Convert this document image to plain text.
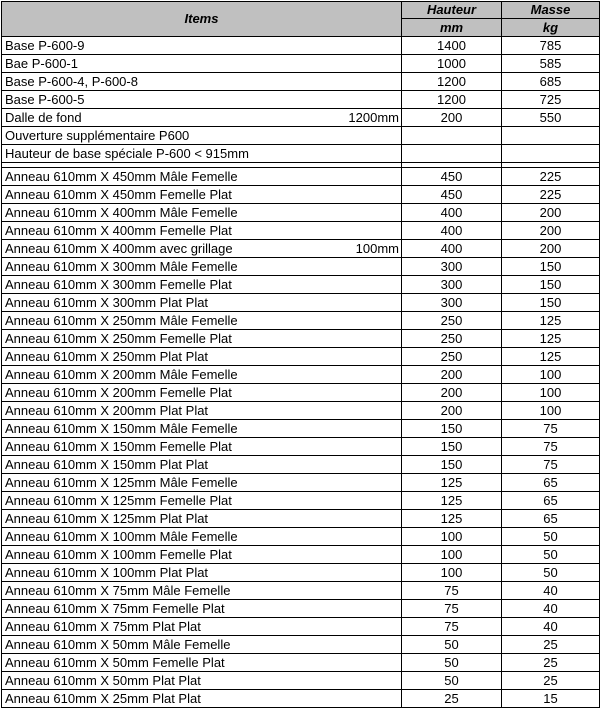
Items		Hauteur	Masse
		mm	kg
Base P-600-9		1400	785
Bae P-600-1		1000	585
Base P-600-4, P-600-8		1200	685
Base P-600-5		1200	725
Dalle de fond	1200mm	200	550
Ouverture supplémentaire P600			
Hauteur de base spéciale P-600 < 915mm			

Anneau 610mm X 450mm Mâle Femelle		450	225
Anneau 610mm X 450mm Femelle Plat		450	225
Anneau 610mm X 400mm Mâle Femelle		400	200
Anneau 610mm X 400mm Femelle Plat		400	200
Anneau 610mm X 400mm avec grillage	100mm	400	200
Anneau 610mm X 300mm Mâle Femelle		300	150
Anneau 610mm X 300mm Femelle Plat		300	150
Anneau 610mm X 300mm Plat Plat		300	150
Anneau 610mm X 250mm Mâle Femelle		250	125
Anneau 610mm X 250mm Femelle Plat		250	125
Anneau 610mm X 250mm Plat Plat		250	125
Anneau 610mm X 200mm Mâle Femelle		200	100
Anneau 610mm X 200mm Femelle Plat		200	100
Anneau 610mm X 200mm Plat Plat		200	100
Anneau 610mm X 150mm Mâle Femelle		150	75
Anneau 610mm X 150mm Femelle Plat		150	75
Anneau 610mm X 150mm Plat Plat		150	75
Anneau 610mm X 125mm Mâle Femelle		125	65
Anneau 610mm X 125mm Femelle Plat		125	65
Anneau 610mm X 125mm Plat Plat		125	65
Anneau 610mm X 100mm Mâle Femelle		100	50
Anneau 610mm X 100mm Femelle Plat		100	50
Anneau 610mm X 100mm Plat Plat		100	50
Anneau 610mm X 75mm Mâle Femelle		75	40
Anneau 610mm X 75mm Femelle Plat		75	40
Anneau 610mm X 75mm Plat Plat		75	40
Anneau 610mm X 50mm Mâle Femelle		50	25
Anneau 610mm X 50mm Femelle Plat		50	25
Anneau 610mm X 50mm Plat Plat		50	25
Anneau 610mm X 25mm Plat Plat		25	15
